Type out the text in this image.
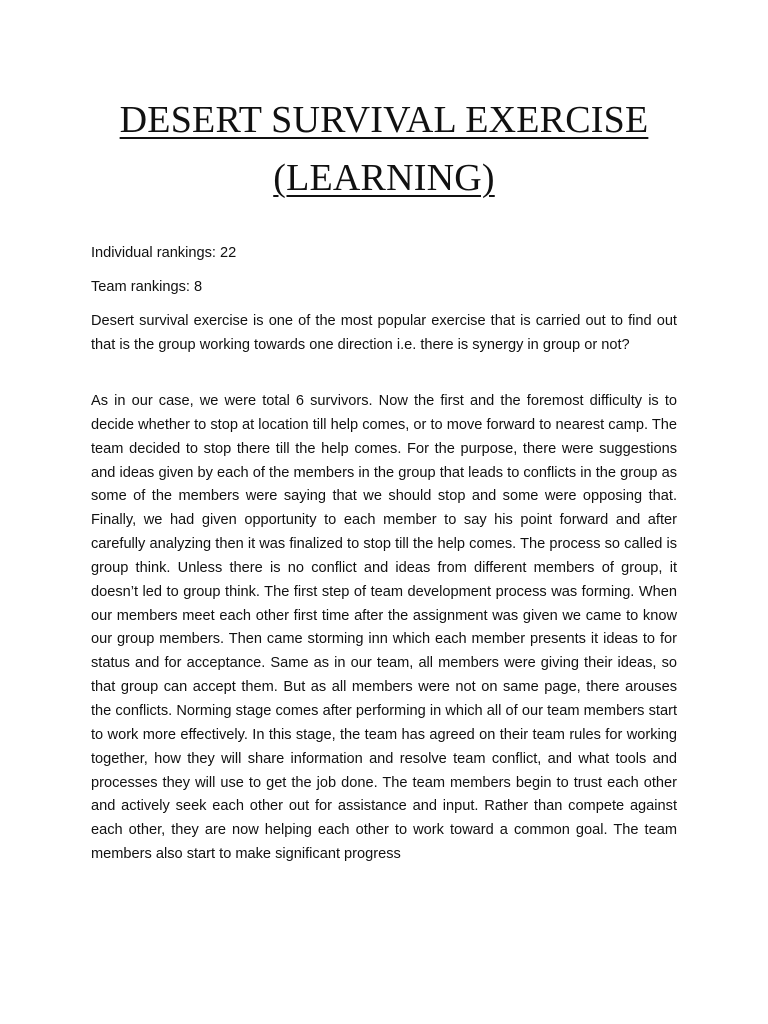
DESERT SURVIVAL EXERCISE
(LEARNING)

Individual rankings: 22

Team rankings: 8

Desert survival exercise is one of the most popular exercise that is carried out to find out that is the group working towards one direction i.e. there is synergy in group or not?

As in our case, we were total 6 survivors. Now the first and the foremost difficulty is to decide whether to stop at location till help comes, or to move forward to nearest camp. The team decided to stop there till the help comes. For the purpose, there were suggestions and ideas given by each of the members in the group that leads to conflicts in the group as some of the members were saying that we should stop and some were opposing that. Finally, we had given opportunity to each member to say his point forward and after carefully analyzing then it was finalized to stop till the help comes. The process so called is group think. Unless there is no conflict and ideas from different members of group, it doesn’t led to group think. The first step of team development process was forming. When our members meet each other first time after the assignment was given we came to know our group members. Then came storming inn which each member presents it ideas to for status and for acceptance. Same as in our team, all members were giving their ideas, so that group can accept them. But as all members were not on same page, there arouses the conflicts. Norming stage comes after performing in which all of our team members start to work more effectively. In this stage, the team has agreed on their team rules for working together, how they will share information and resolve team conflict, and what tools and processes they will use to get the job done. The team members begin to trust each other and actively seek each other out for assistance and input. Rather than compete against each other, they are now helping each other to work toward a common goal. The team members also start to make significant progress
